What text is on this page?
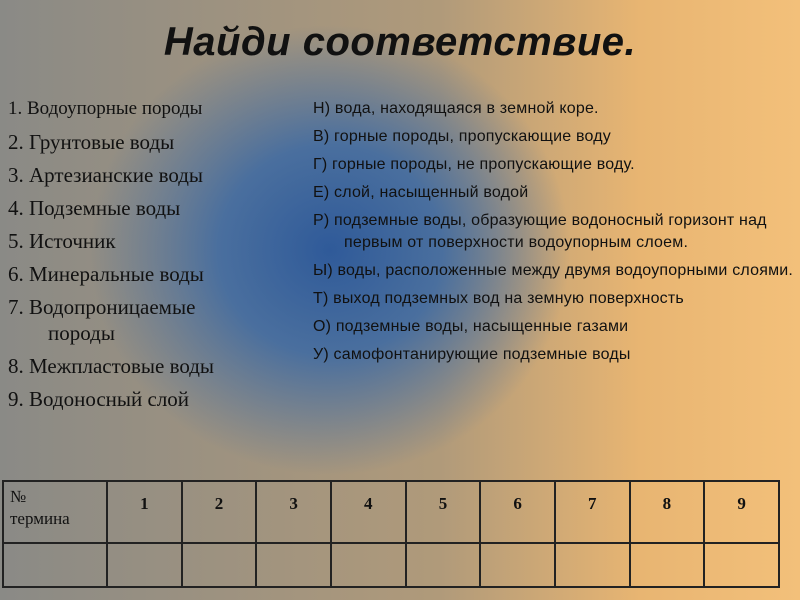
Найди соответствие.
1. Водоупорные породы
2. Грунтовые воды
3. Артезианские воды
4. Подземные воды
5. Источник
6. Минеральные воды
7. Водопроницаемые
породы
8. Межпластовые воды
9. Водоносный слой
Н) вода, находящаяся в земной коре.
В) горные породы, пропускающие воду
Г) горные породы, не пропускающие воду.
Е) слой, насыщенный водой
Р) подземные воды, образующие водоносный горизонт над первым от поверхности водоупорным слоем.
Ы) воды, расположенные между двумя водоупорными слоями.
Т) выход подземных вод на земную поверхность
О) подземные воды, насыщенные газами
У) самофонтанирующие подземные воды
№
термина	1	2	3	4	5	6	7	8	9
